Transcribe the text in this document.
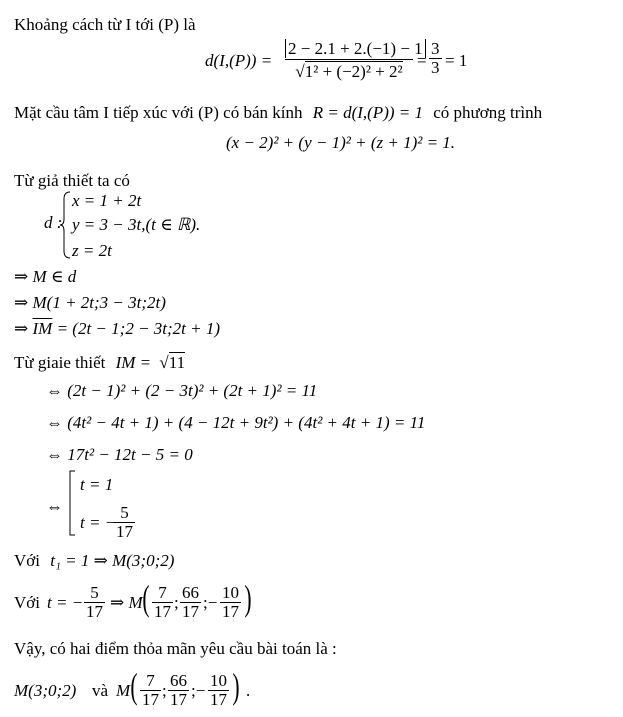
Khoảng cách từ I tới (P) là
d(I,(P)) =
2 − 2.1 + 2.(−1) − 1
√1² + (−2)² + 2²
= $\frac{3}{3} = 1$
Mặt cầu tâm I tiếp xúc với (P) có bán kính R = d(I,(P)) = 1 có phương trình
(x − 2)² + (y − 1)² + (z + 1)² = 1.
Từ giả thiết ta có
d :
x = 1 + 2t
y = 3 − 3t,(t ∈ ℝ).
z = 2t
⇒ M ∈ d
⇒ M(1 + 2t;3 − 3t;2t)
⇒ $\overline{IM} = (2t$ − 1;2 − 3t;2t + 1)
Từ giaie thiết IM = √11
⇔ (2t − 1)² + (2 − 3t)² + (2t + 1)² = 11
⇔ (4t² − 4t + 1) + (4 − 12t + 9t²) + (4t² + 4t + 1) = 11
⇔ 17t² − 12t − 5 = 0
⇔
t = 1
t = −
$\frac{5}{17}$
Với t₁ = 1 ⇒ M(3;0;2)
Với t = − $\frac{5}{17}$ ⇒ M ( $\frac{7}{17}$ ; $\frac{66}{17}$ ;− $\frac{10}{17}$ )
Vậy, có hai điểm thỏa mãn yêu cầu bài toán là :
M(3;0;2) và M ( $\frac{7}{17}$ ; $\frac{66}{17}$ ;− $\frac{10}{17}$ ) .
